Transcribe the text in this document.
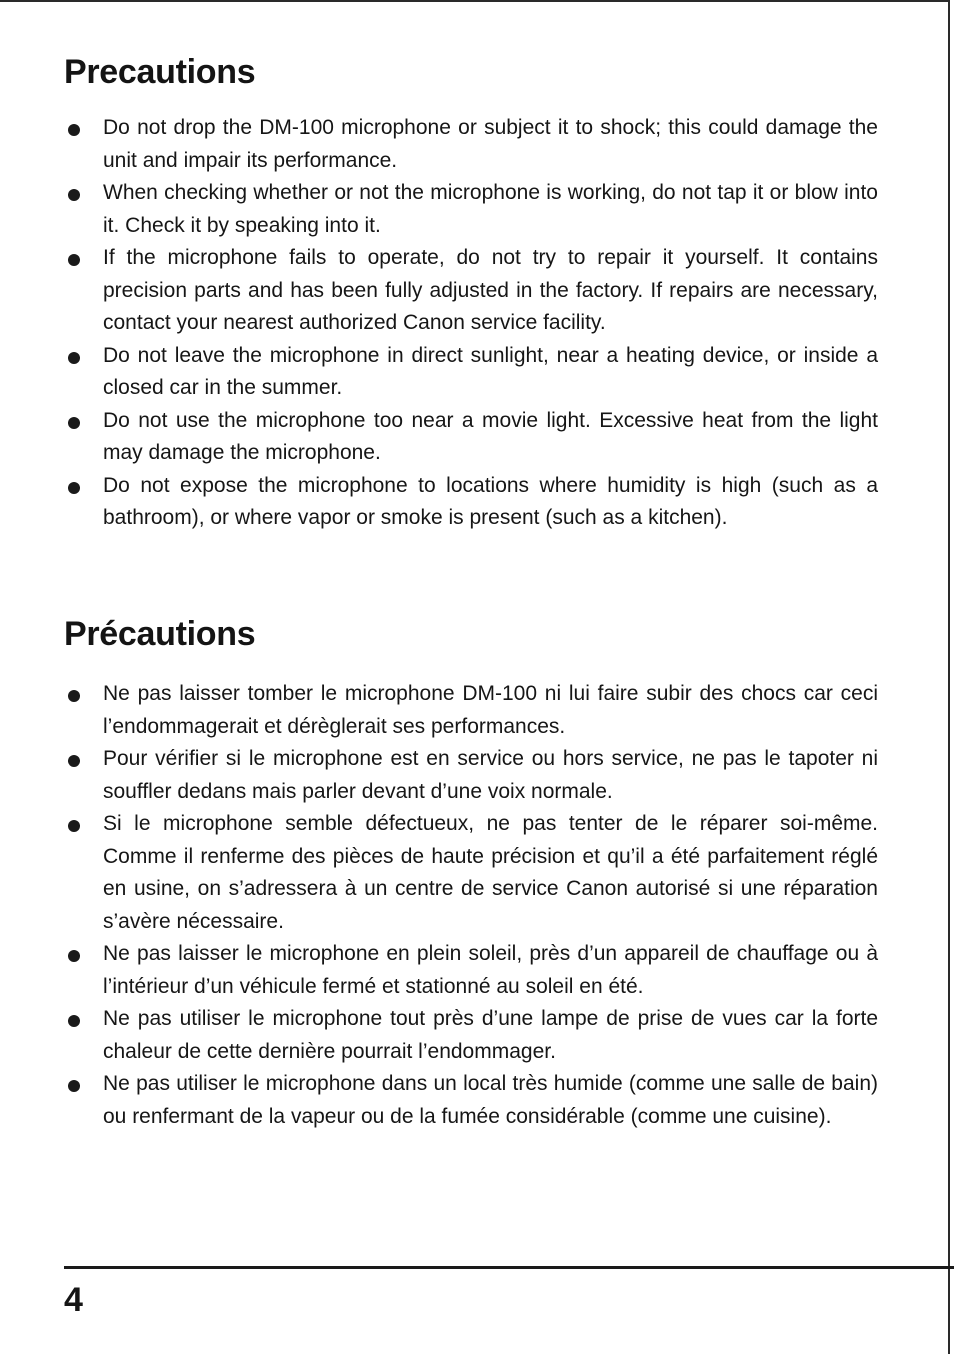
Precautions
Do not drop the DM-100 microphone or subject it to shock; this could damage the unit and impair its performance.
When checking whether or not the microphone is working, do not tap it or blow into it. Check it by speaking into it.
If the microphone fails to operate, do not try to repair it yourself. It contains precision parts and has been fully adjusted in the factory. If repairs are necessary, contact your nearest authorized Canon service facility.
Do not leave the microphone in direct sunlight, near a heating device, or inside a closed car in the summer.
Do not use the microphone too near a movie light. Excessive heat from the light may damage the microphone.
Do not expose the microphone to locations where humidity is high (such as a bathroom), or where vapor or smoke is present (such as a kitchen).
Précautions
Ne pas laisser tomber le microphone DM-100 ni lui faire subir des chocs car ceci l’endommagerait et dérèglerait ses performances.
Pour vérifier si le microphone est en service ou hors service, ne pas le tapoter ni souffler dedans mais parler devant d’une voix normale.
Si le microphone semble défectueux, ne pas tenter de le réparer soi-même. Comme il renferme des pièces de haute précision et qu’il a été parfaitement réglé en usine, on s’adressera à un centre de service Canon autorisé si une réparation s’avère nécessaire.
Ne pas laisser le microphone en plein soleil, près d’un appareil de chauffage ou à l’intérieur d’un véhicule fermé et stationné au soleil en été.
Ne pas utiliser le microphone tout près d’une lampe de prise de vues car la forte chaleur de cette dernière pourrait l’endommager.
Ne pas utiliser le microphone dans un local très humide (comme une salle de bain) ou renfermant de la vapeur ou de la fumée considérable (comme une cuisine).
4
